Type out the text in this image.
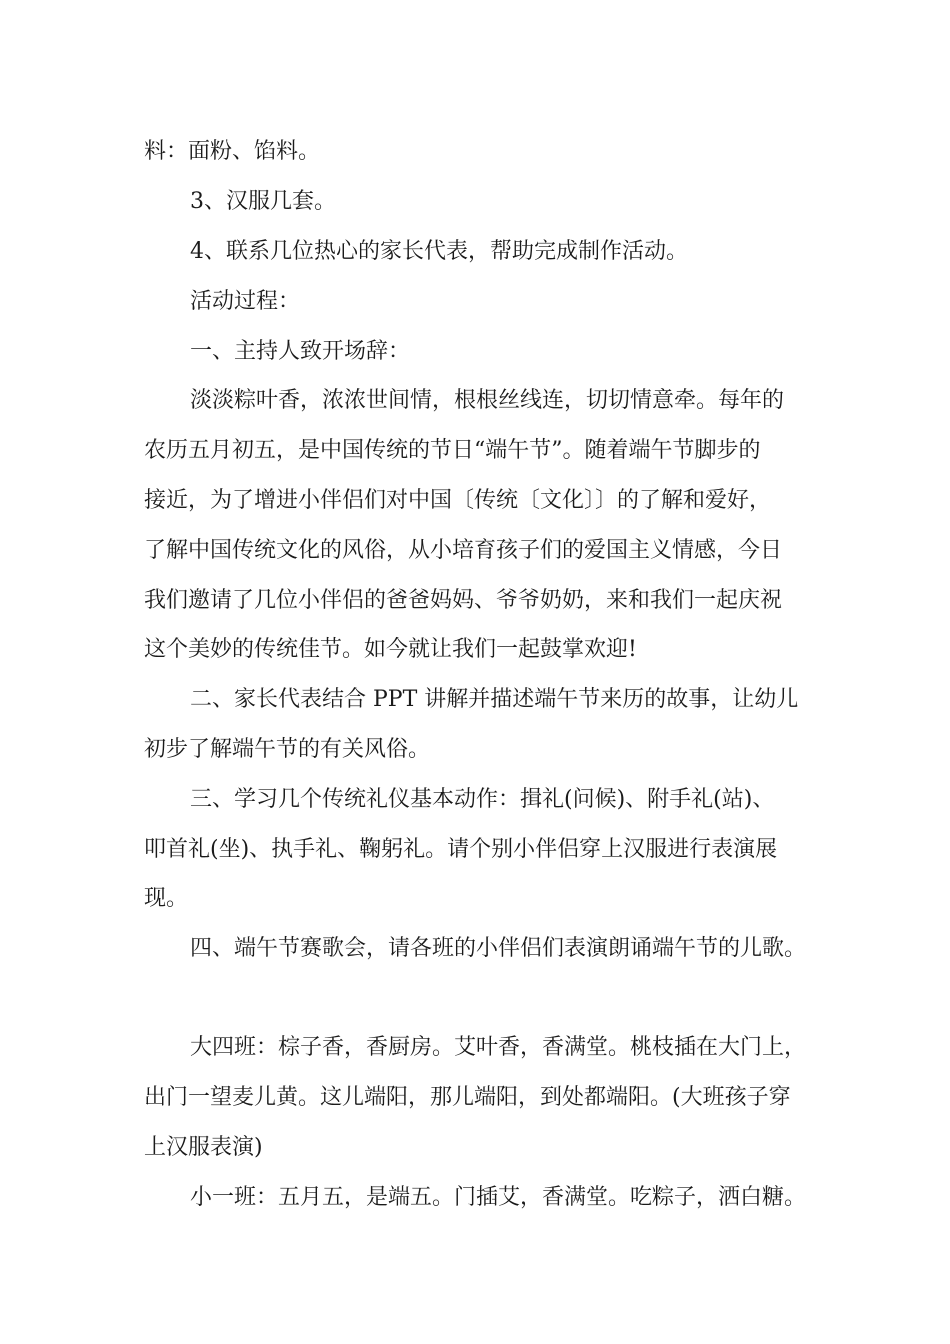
料：面粉、馅料。
3、汉服几套。
4、联系几位热心的家长代表，帮助完成制作活动。
活动过程：
一、主持人致开场辞：
淡淡粽叶香，浓浓世间情，根根丝线连，切切情意牵。每年的
农历五月初五，是中国传统的节日“端午节”。随着端午节脚步的
接近，为了增进小伴侣们对中国〔传统〔文化〕〕的了解和爱好，
了解中国传统文化的风俗，从小培育孩子们的爱国主义情感，今日
我们邀请了几位小伴侣的爸爸妈妈、爷爷奶奶，来和我们一起庆祝
这个美妙的传统佳节。如今就让我们一起鼓掌欢迎!
二、家长代表结合 PPT 讲解并描述端午节来历的故事，让幼儿
初步了解端午节的有关风俗。
三、学习几个传统礼仪基本动作：揖礼(问候)、附手礼(站)、
叩首礼(坐)、执手礼、鞠躬礼。请个别小伴侣穿上汉服进行表演展
现。
四、端午节赛歌会，请各班的小伴侣们表演朗诵端午节的儿歌。
大四班：棕子香，香厨房。艾叶香，香满堂。桃枝插在大门上，
出门一望麦儿黄。这儿端阳，那儿端阳，到处都端阳。(大班孩子穿
上汉服表演)
小一班：五月五，是端五。门插艾，香满堂。吃粽子，洒白糖。
